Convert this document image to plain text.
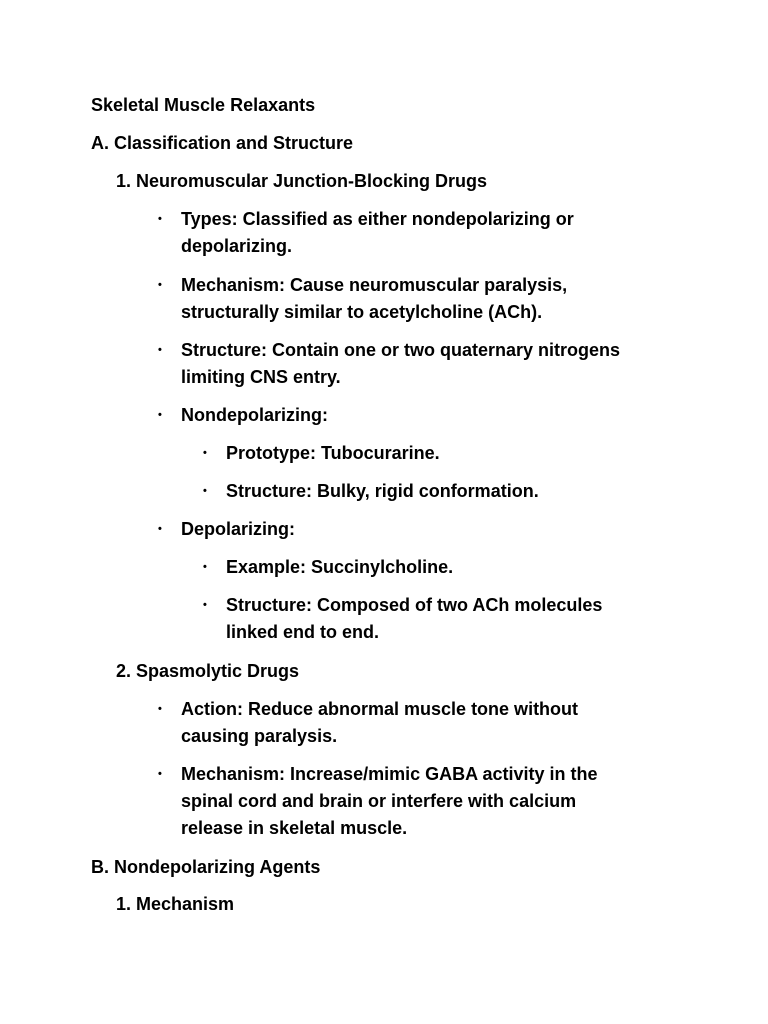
Skeletal Muscle Relaxants

A. Classification and Structure

1. Neuromuscular Junction-Blocking Drugs

• Types: Classified as either nondepolarizing or
depolarizing.
• Mechanism: Cause neuromuscular paralysis,
structurally similar to acetylcholine (ACh).
• Structure: Contain one or two quaternary nitrogens
limiting CNS entry.
• Nondepolarizing:
• Prototype: Tubocurarine.
• Structure: Bulky, rigid conformation.
• Depolarizing:
• Example: Succinylcholine.
• Structure: Composed of two ACh molecules
linked end to end.

2. Spasmolytic Drugs

• Action: Reduce abnormal muscle tone without
causing paralysis.
• Mechanism: Increase/mimic GABA activity in the
spinal cord and brain or interfere with calcium
release in skeletal muscle.

B. Nondepolarizing Agents

1. Mechanism
